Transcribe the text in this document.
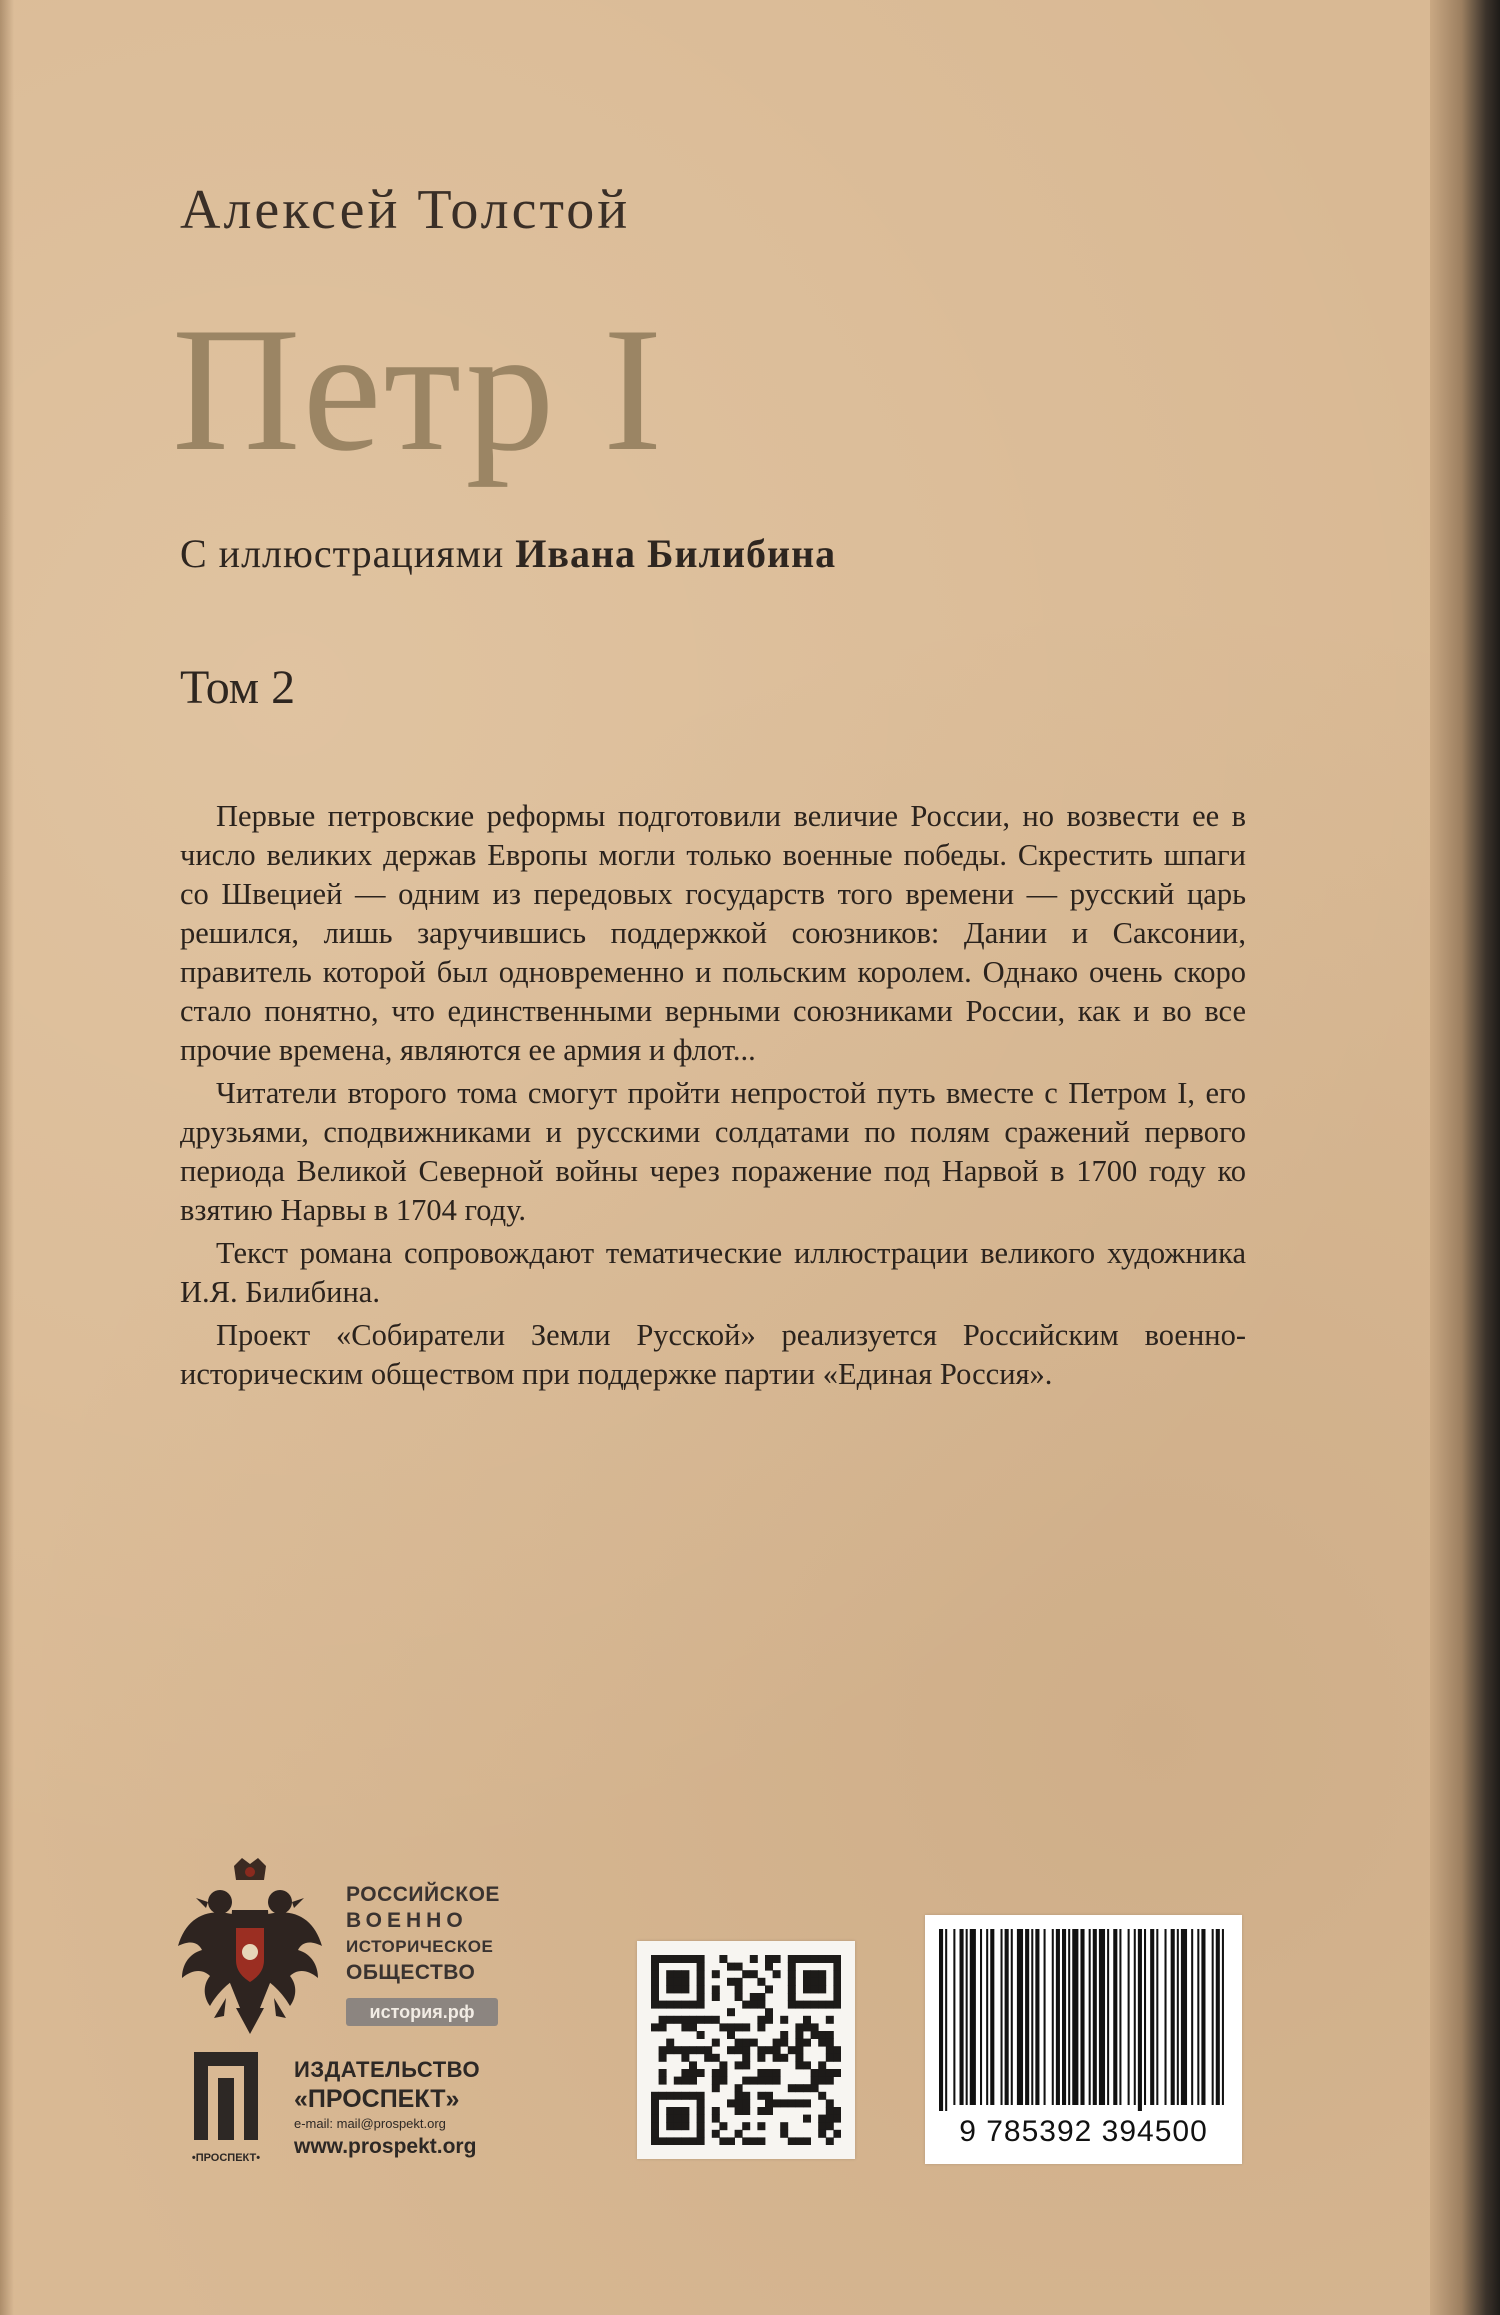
Алексей Толстой
Петр I
С иллюстрациями Ивана Билибина
Том 2

Первые петровские реформы подготовили величие России, но возвести ее в число великих держав Европы могли только военные победы. Скрестить шпаги со Швецией — одним из передовых государств того времени — русский царь решился, лишь заручившись поддержкой союзников: Дании и Саксонии, правитель которой был одновременно и польским королем. Однако очень скоро стало понятно, что единственными верными союзниками России, как и во все прочие времена, являются ее армия и флот...

Читатели второго тома смогут пройти непростой путь вместе с Петром I, его друзьями, сподвижниками и русскими солдатами по полям сражений первого периода Великой Северной войны через поражение под Нарвой в 1700 году ко взятию Нарвы в 1704 году.

Текст романа сопровождают тематические иллюстрации великого художника И.Я. Билибина.

Проект «Собиратели Земли Русской» реализуется Российским военно-историческим обществом при поддержке партии «Единая Россия».

РОССИЙСКОЕ
ВОЕННО
ИСТОРИЧЕСКОЕ
ОБЩЕСТВО
история.рф
•ПРОСПЕКТ•
ИЗДАТЕЛЬСТВО
«ПРОСПЕКТ»
e-mail: mail@prospekt.org
www.prospekt.org	9 785392 394500
